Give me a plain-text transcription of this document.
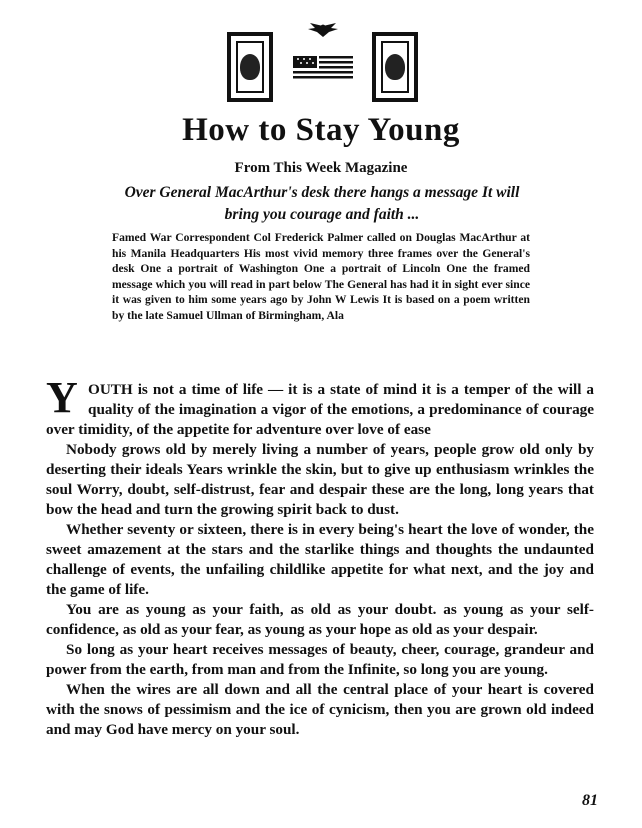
How to Stay Young
From This Week Magazine
Over General MacArthur's desk there hangs a message It will bring you courage and faith ...

Famed War Correspondent Col Frederick Palmer called on Douglas MacArthur at his Manila Headquarters His most vivid memory three frames over the General's desk One a portrait of Washington One a portrait of Lincoln One the framed message which you will read in part below The General has had it in sight ever since it was given to him some years ago by John W Lewis It is based on a poem written by the late Samuel Ullman of Birmingham, Ala

YOUTH is not a time of life — it is a state of mind it is a temper of the will a quality of the imagination a vigor of the emotions, a predominance of courage over timidity, of the appetite for adventure over love of ease

Nobody grows old by merely living a number of years, people grow old only by deserting their ideals Years wrinkle the skin, but to give up enthusiasm wrinkles the soul Worry, doubt, self-distrust, fear and despair these are the long, long years that bow the head and turn the growing spirit back to dust.

Whether seventy or sixteen, there is in every being's heart the love of wonder, the sweet amazement at the stars and the starlike things and thoughts the undaunted challenge of events, the unfailing childlike appetite for what next, and the joy and the game of life.

You are as young as your faith, as old as your doubt. as young as your self-confidence, as old as your fear, as young as your hope as old as your despair.

So long as your heart receives messages of beauty, cheer, courage, grandeur and power from the earth, from man and from the Infinite, so long you are young.

When the wires are all down and all the central place of your heart is covered with the snows of pessimism and the ice of cynicism, then you are grown old indeed and may God have mercy on your soul.

81
